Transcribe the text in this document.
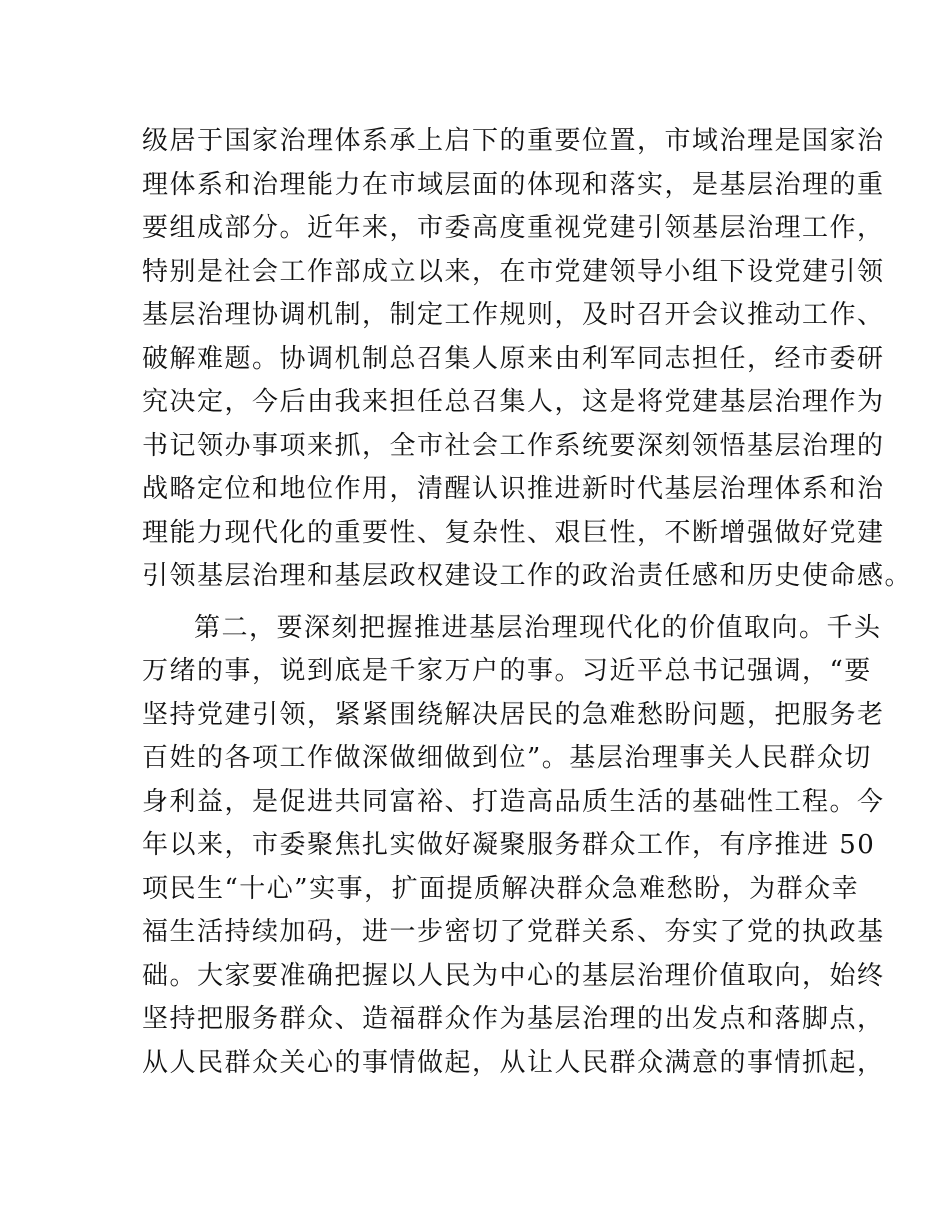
级居于国家治理体系承上启下的重要位置，市域治理是国家治
理体系和治理能力在市域层面的体现和落实，是基层治理的重
要组成部分。近年来，市委高度重视党建引领基层治理工作，
特别是社会工作部成立以来，在市党建领导小组下设党建引领
基层治理协调机制，制定工作规则，及时召开会议推动工作、
破解难题。协调机制总召集人原来由利军同志担任，经市委研
究决定，今后由我来担任总召集人，这是将党建基层治理作为
书记领办事项来抓，全市社会工作系统要深刻领悟基层治理的
战略定位和地位作用，清醒认识推进新时代基层治理体系和治
理能力现代化的重要性、复杂性、艰巨性，不断增强做好党建
引领基层治理和基层政权建设工作的政治责任感和历史使命感。
第二，要深刻把握推进基层治理现代化的价值取向。千头
万绪的事，说到底是千家万户的事。习近平总书记强调，“要
坚持党建引领，紧紧围绕解决居民的急难愁盼问题，把服务老
百姓的各项工作做深做细做到位”。基层治理事关人民群众切
身利益，是促进共同富裕、打造高品质生活的基础性工程。今
年以来，市委聚焦扎实做好凝聚服务群众工作，有序推进 50
项民生“十心”实事，扩面提质解决群众急难愁盼，为群众幸
福生活持续加码，进一步密切了党群关系、夯实了党的执政基
础。大家要准确把握以人民为中心的基层治理价值取向，始终
坚持把服务群众、造福群众作为基层治理的出发点和落脚点，
从人民群众关心的事情做起，从让人民群众满意的事情抓起，
